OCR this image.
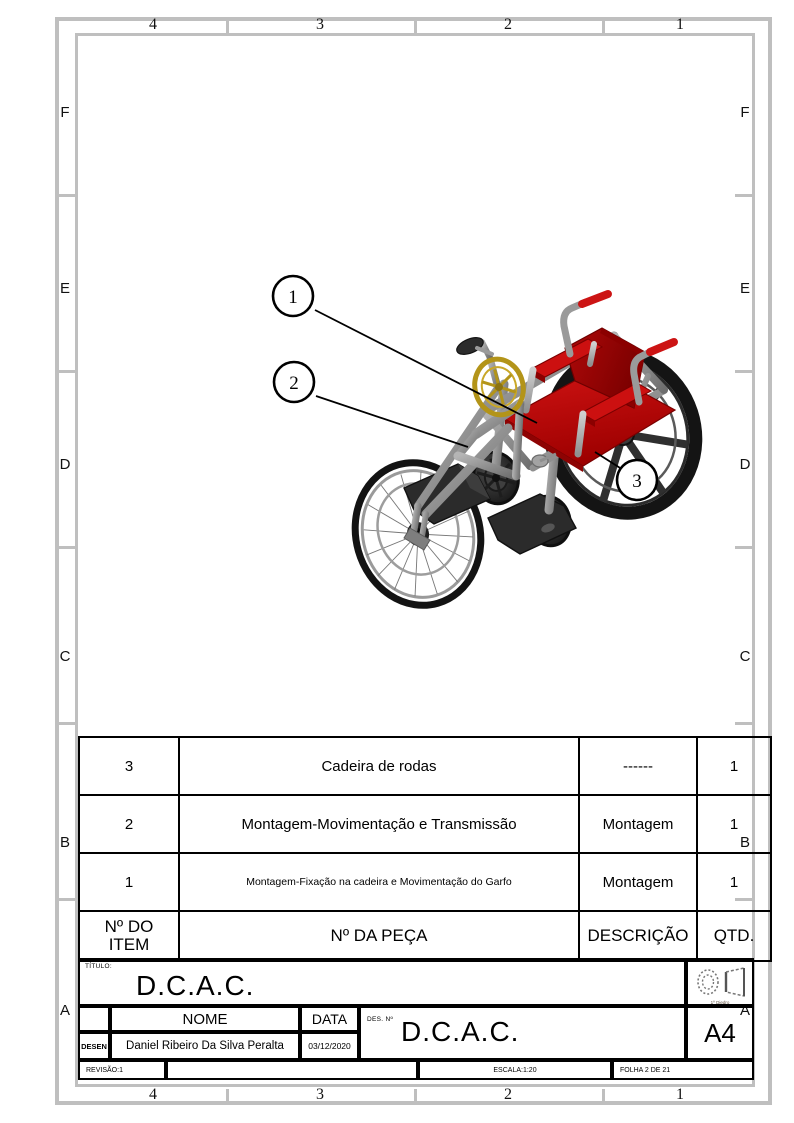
F
E
D
C
B
A
F
E
D
C
B
A
4	3	2	1
4	3	2	1
1
2
3
3	Cadeira de rodas	------	1
2	Montagem-Movimentação e Transmissão	Montagem	1
1	Montagem-Fixação na cadeira e Movimentação do Garfo	Montagem	1

Nº DO
ITEM	Nº DA PEÇA	DESCRIÇÃO	QTD.
TÍTULO:
D.C.A.C.
1º Diedro
NOME	DATA
DESEN	Daniel Ribeiro Da Silva Peralta	03/12/2020
DES. Nº D.C.A.C.	A4
REVISÃO:1	ESCALA:1:20	FOLHA 2 DE 21
